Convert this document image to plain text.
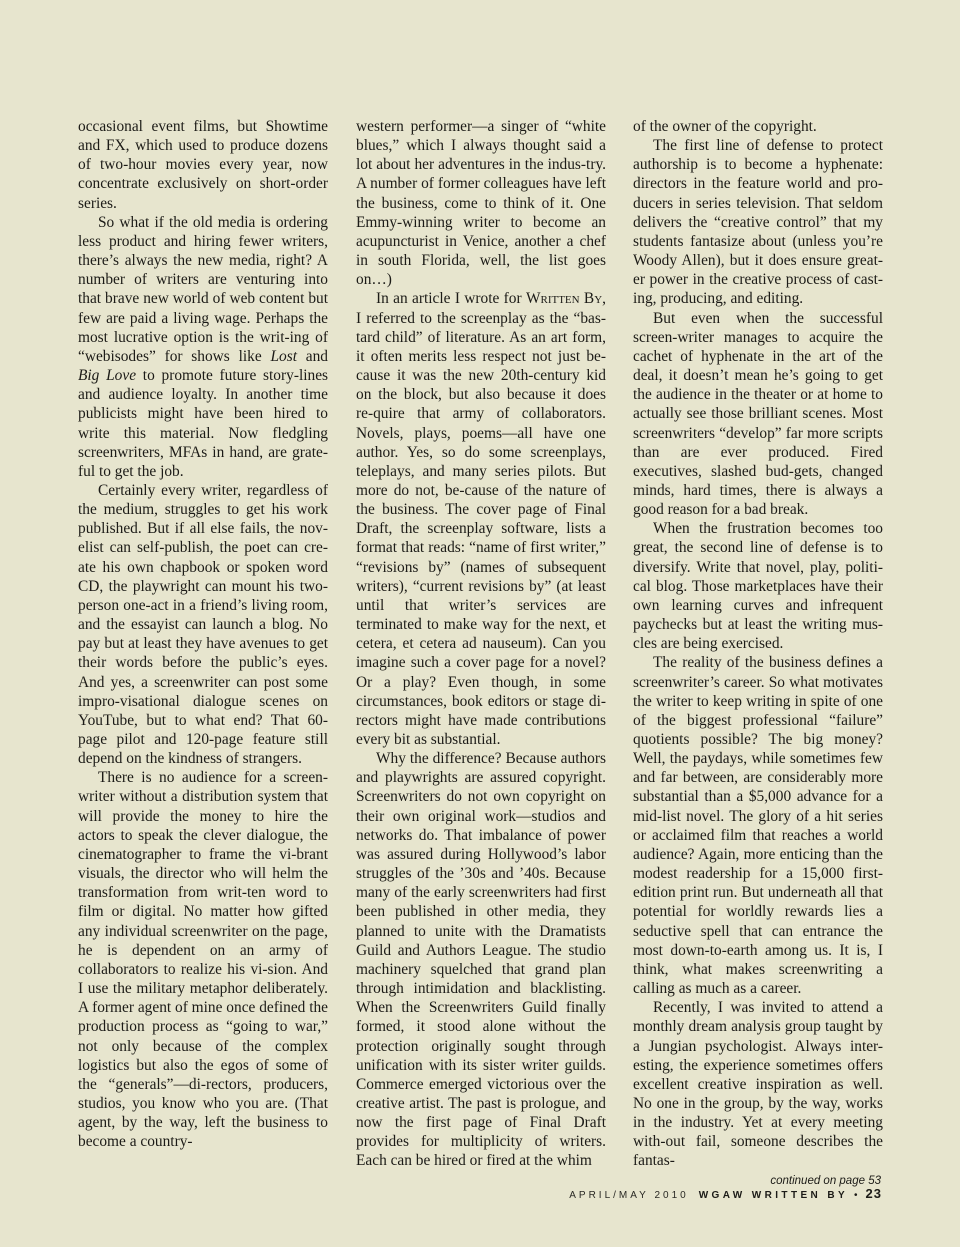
occasional event films, but Showtime and FX, which used to produce dozens of two-hour movies every year, now concentrate exclusively on short-order series.

So what if the old media is ordering less product and hiring fewer writers, there’s always the new media, right? A number of writers are venturing into that brave new world of web content but few are paid a living wage. Perhaps the most lucrative option is the writ-ing of “webisodes” for shows like Lost and Big Love to promote future story-lines and audience loyalty. In another time publicists might have been hired to write this material. Now fledgling screenwriters, MFAs in hand, are grate-ful to get the job.

Certainly every writer, regardless of the medium, struggles to get his work published. But if all else fails, the nov-elist can self-publish, the poet can cre-ate his own chapbook or spoken word CD, the playwright can mount his two-person one-act in a friend’s living room, and the essayist can launch a blog. No pay but at least they have avenues to get their words before the public’s eyes. And yes, a screenwriter can post some impro-visational dialogue scenes on YouTube, but to what end? That 60-page pilot and 120-page feature still depend on the kindness of strangers.

There is no audience for a screen-writer without a distribution system that will provide the money to hire the actors to speak the clever dialogue, the cinematographer to frame the vi-brant visuals, the director who will helm the transformation from writ-ten word to film or digital. No matter how gifted any individual screenwriter on the page, he is dependent on an army of collaborators to realize his vi-sion. And I use the military metaphor deliberately. A former agent of mine once defined the production process as “going to war,” not only because of the complex logistics but also the egos of some of the “generals”—di-rectors, producers, studios, you know who you are. (That agent, by the way, left the business to become a country-

western performer—a singer of “white blues,” which I always thought said a lot about her adventures in the indus-try. A number of former colleagues have left the business, come to think of it. One Emmy-winning writer to become an acupuncturist in Venice, another a chef in south Florida, well, the list goes on…)

In an article I wrote for Written By, I referred to the screenplay as the “bas-tard child” of literature. As an art form, it often merits less respect not just be-cause it was the new 20th-century kid on the block, but also because it does re-quire that army of collaborators. Novels, plays, poems—all have one author. Yes, so do some screenplays, teleplays, and many series pilots. But more do not, be-cause of the nature of the business. The cover page of Final Draft, the screenplay software, lists a format that reads: “name of first writer,” “revisions by” (names of subsequent writers), “current revisions by” (at least until that writer’s services are terminated to make way for the next, et cetera, et cetera ad nauseum). Can you imagine such a cover page for a novel? Or a play? Even though, in some circumstances, book editors or stage di-rectors might have made contributions every bit as substantial.

Why the difference? Because authors and playwrights are assured copyright. Screenwriters do not own copyright on their own original work—studios and networks do. That imbalance of power was assured during Hollywood’s labor struggles of the ’30s and ’40s. Because many of the early screenwriters had first been published in other media, they planned to unite with the Dramatists Guild and Authors League. The studio machinery squelched that grand plan through intimidation and blacklisting. When the Screenwriters Guild finally formed, it stood alone without the protection originally sought through unification with its sister writer guilds. Commerce emerged victorious over the creative artist. The past is prologue, and now the first page of Final Draft provides for multiplicity of writers. Each can be hired or fired at the whim

of the owner of the copyright.

The first line of defense to protect authorship is to become a hyphenate: directors in the feature world and pro-ducers in series television. That seldom delivers the “creative control” that my students fantasize about (unless you’re Woody Allen), but it does ensure great-er power in the creative process of cast-ing, producing, and editing.

But even when the successful screen-writer manages to acquire the cachet of hyphenate in the art of the deal, it doesn’t mean he’s going to get the audience in the theater or at home to actually see those brilliant scenes. Most screenwriters “develop” far more scripts than are ever produced. Fired executives, slashed bud-gets, changed minds, hard times, there is always a good reason for a bad break.

When the frustration becomes too great, the second line of defense is to diversify. Write that novel, play, politi-cal blog. Those marketplaces have their own learning curves and infrequent paychecks but at least the writing mus-cles are being exercised.

The reality of the business defines a screenwriter’s career. So what motivates the writer to keep writing in spite of one of the biggest professional “failure” quotients possible? The big money? Well, the paydays, while sometimes few and far between, are considerably more substantial than a $5,000 advance for a mid-list novel. The glory of a hit series or acclaimed film that reaches a world audience? Again, more enticing than the modest readership for a 15,000 first-edition print run. But underneath all that potential for worldly rewards lies a seductive spell that can entrance the most down-to-earth among us. It is, I think, what makes screenwriting a calling as much as a career.

Recently, I was invited to attend a monthly dream analysis group taught by a Jungian psychologist. Always inter-esting, the experience sometimes offers excellent creative inspiration as well. No one in the group, by the way, works in the industry. Yet at every meeting with-out fail, someone describes the fantas-

continued on page 53
APRIL/MAY 2010 WGAW WRITTEN BY • 23
